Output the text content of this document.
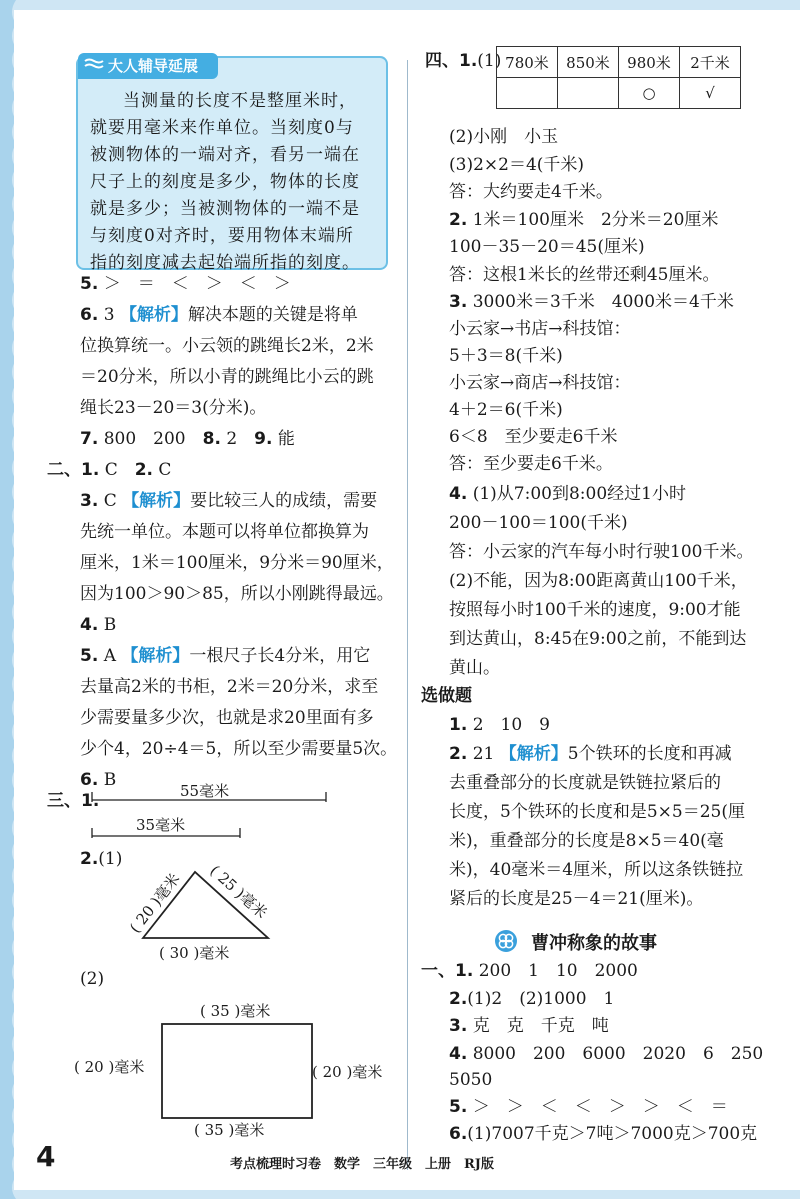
大人辅导延展
当测量的长度不是整厘米时，
就要用毫米来作单位。当刻度0与
被测物体的一端对齐，看另一端在
尺子上的刻度是多少，物体的长度
就是多少；当被测物体的一端不是
与刻度0对齐时，要用物体末端所
指的刻度减去起始端所指的刻度。
5. ＞　＝　＜　＞　＜　＞
6. 3 【解析】解决本题的关键是将单
位换算统一。小云领的跳绳长2米，2米
＝20分米，所以小青的跳绳比小云的跳
绳长23－20＝3(分米)。
7. 800　200　 8. 2　 9. 能
二、1. C　 2. C
3. C 【解析】要比较三人的成绩，需要
先统一单位。本题可以将单位都换算为
厘米，1米＝100厘米，9分米＝90厘米，
因为100＞90＞85，所以小刚跳得最远。
4. B
5. A 【解析】一根尺子长4分米，用它
去量高2米的书柜，2米＝20分米，求至
少需要量多少次，也就是求20里面有多
少个4，20÷4＝5，所以至少需要量5次。
6. B
三、1.	55毫米
35毫米
2.(1)
( 20 )毫米 ( 25 )毫米
( 30 )毫米
(2)
( 35 )毫米
( 20 )毫米	( 20 )毫米
( 35 )毫米
四、1.(1) 780米	850米	980米	2千米
		○	√
(2)小刚　小玉
(3)2×2＝4(千米)
答：大约要走4千米。
2. 1米＝100厘米　2分米＝20厘米
100－35－20＝45(厘米)
答：这根1米长的丝带还剩45厘米。
3. 3000米＝3千米　4000米＝4千米
小云家→书店→科技馆：
5＋3＝8(千米)
小云家→商店→科技馆：
4＋2＝6(千米)
6＜8　至少要走6千米
答：至少要走6千米。
4. (1)从7:00到8:00经过1小时
200－100＝100(千米)
答：小云家的汽车每小时行驶100千米。
(2)不能，因为8:00距离黄山100千米，
按照每小时100千米的速度，9:00才能
到达黄山，8:45在9:00之前，不能到达
黄山。
选做题
1. 2　10　9
2. 21 【解析】5个铁环的长度和再减
去重叠部分的长度就是铁链拉紧后的
长度，5个铁环的长度和是5×5＝25(厘
米)，重叠部分的长度是8×5＝40(毫
米)，40毫米＝4厘米，所以这条铁链拉
紧后的长度是25－4＝21(厘米)。
曹冲称象的故事
一、1. 200　1　10　2000
2.(1)2　(2)1000　1
3. 克　克　千克　吨
4. 8000　200　6000　2020　6　250
5050
5. ＞　＞　＜　＜　＞　＞　＜　＝
6.(1)7007千克＞7吨＞7000克＞700克
4	考点梳理时习卷　数学　三年级　上册　RJ版
